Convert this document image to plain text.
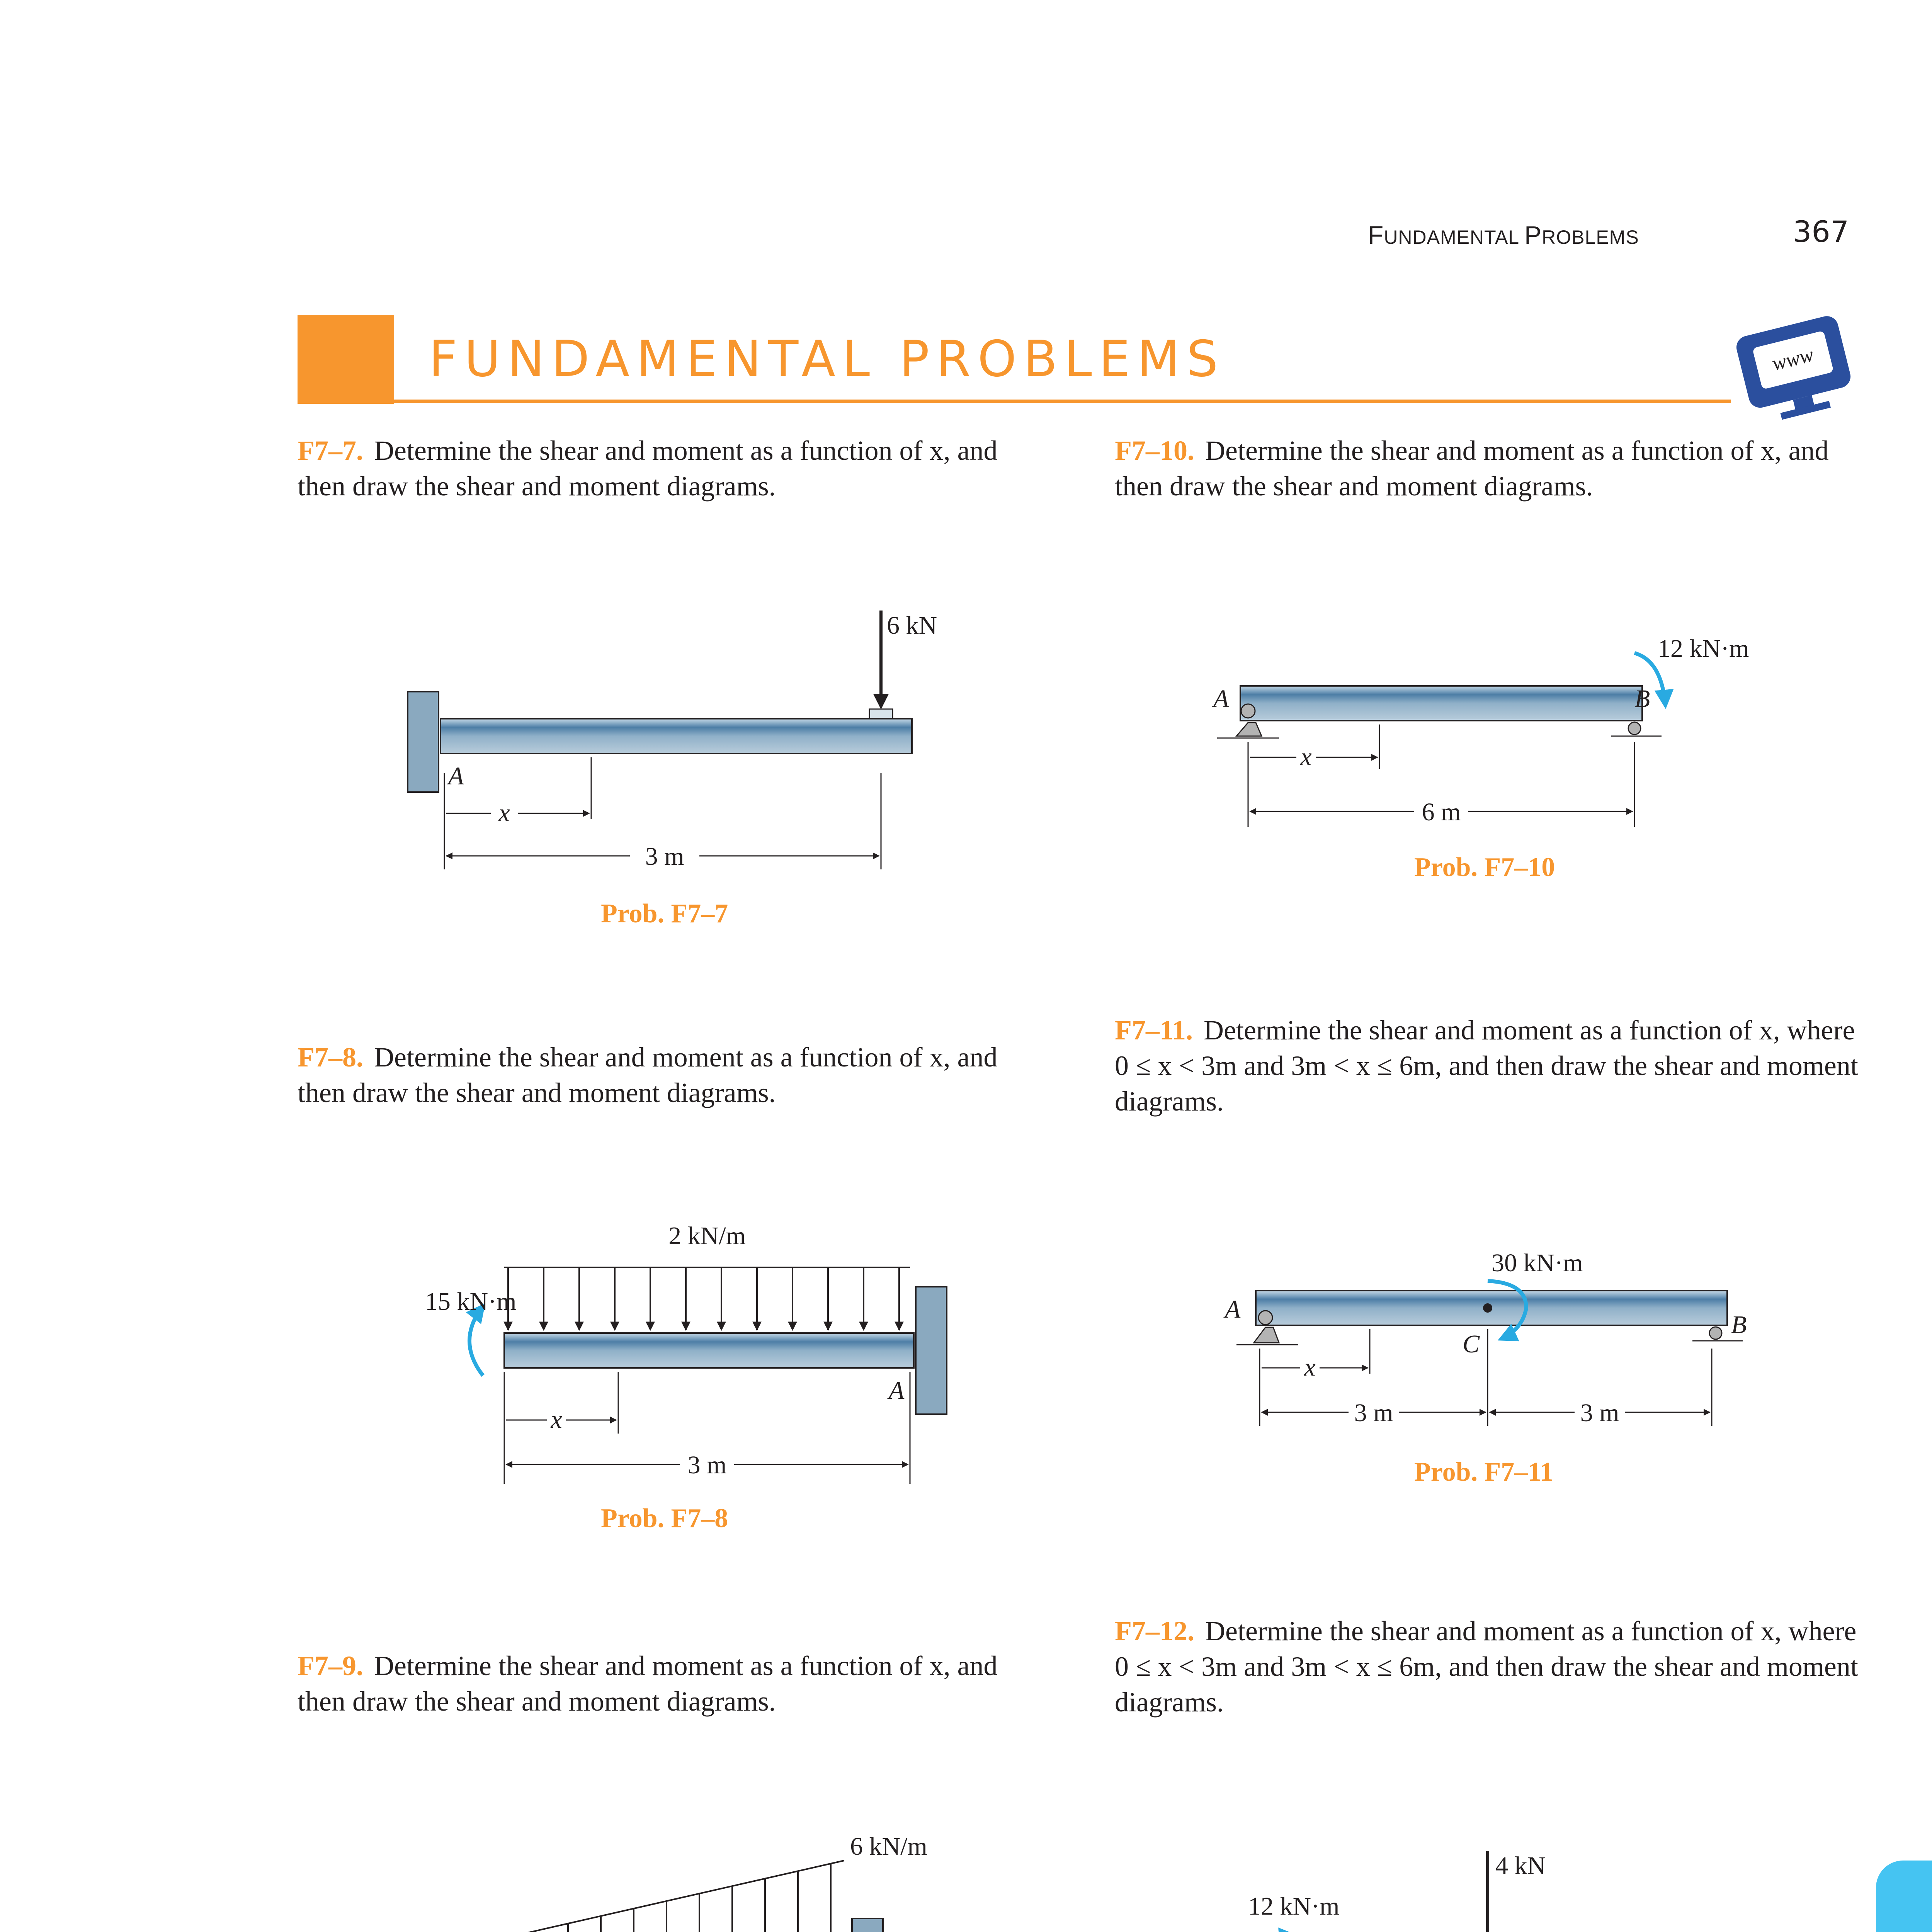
FUNDAMENTAL PROBLEMS	367
FUNDAMENTAL PROBLEMS	www
F7–7. Determine the shear and moment as a function of x, and then draw the shear and moment diagrams.
6 kN
A
x
3 m
Prob. F7–7
F7–8. Determine the shear and moment as a function of x, and then draw the shear and moment diagrams.
2 kN/m
15 kN·m
A
x
3 m
Prob. F7–8
F7–9. Determine the shear and moment as a function of x, and then draw the shear and moment diagrams.
6 kN/m
F7–10. Determine the shear and moment as a function of x, and then draw the shear and moment diagrams.
A	B
12 kN·m
x
6 m
Prob. F7–10
F7–11. Determine the shear and moment as a function of x, where 0 ≤ x < 3m and 3m < x ≤ 6m, and then draw the shear and moment diagrams.
30 kN·m
C
A
B
x
3 m	3 m
Prob. F7–11
F7–12. Determine the shear and moment as a function of x, where 0 ≤ x < 3m and 3m < x ≤ 6m, and then draw the shear and moment diagrams.
4 kN
12 kN·m
